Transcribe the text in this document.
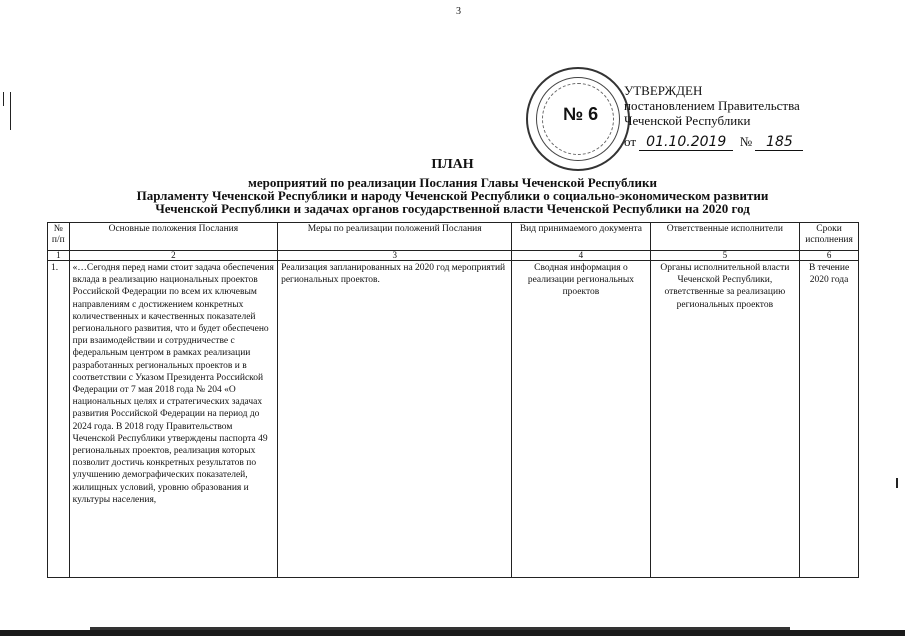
3
№ 6
УТВЕРЖДЕН
постановлением Правительства
Чеченской Республики
от 01.10.2019 № 185
ПЛАН
мероприятий по реализации Послания Главы Чеченской Республики
Парламенту Чеченской Республики и народу Чеченской Республики о социально-экономическом развитии
Чеченской Республики и задачах органов государственной власти Чеченской Республики на 2020 год
№ п/п	Основные положения Послания	Меры по реализации положений Послания	Вид принимаемого документа	Ответственные исполнители	Сроки исполнения
1	2	3	4	5	6
1.	«…Сегодня перед нами стоит задача обеспечения вклада в реализацию национальных проектов Российской Федерации по всем их ключевым направлениям с достижением конкретных количественных и качественных показателей регионального развития, что и будет обеспечено при взаимодействии и сотрудничестве с федеральным центром в рамках реализации разработанных региональных проектов и в соответствии с Указом Президента Российской Федерации от 7 мая 2018 года № 204 «О национальных целях и стратегических задачах развития Российской Федерации на период до 2024 года. В 2018 году Правительством Чеченской Республики утверждены паспорта 49 региональных проектов, реализация которых позволит достичь конкретных результатов по улучшению демографических показателей, жилищных условий, уровню образования и культуры населения,	Реализация запланированных на 2020 год мероприятий региональных проектов.	Сводная информация о реализации региональных проектов	Органы исполнительной власти Чеченской Республики, ответственные за реализацию региональных проектов	В течение 2020 года
